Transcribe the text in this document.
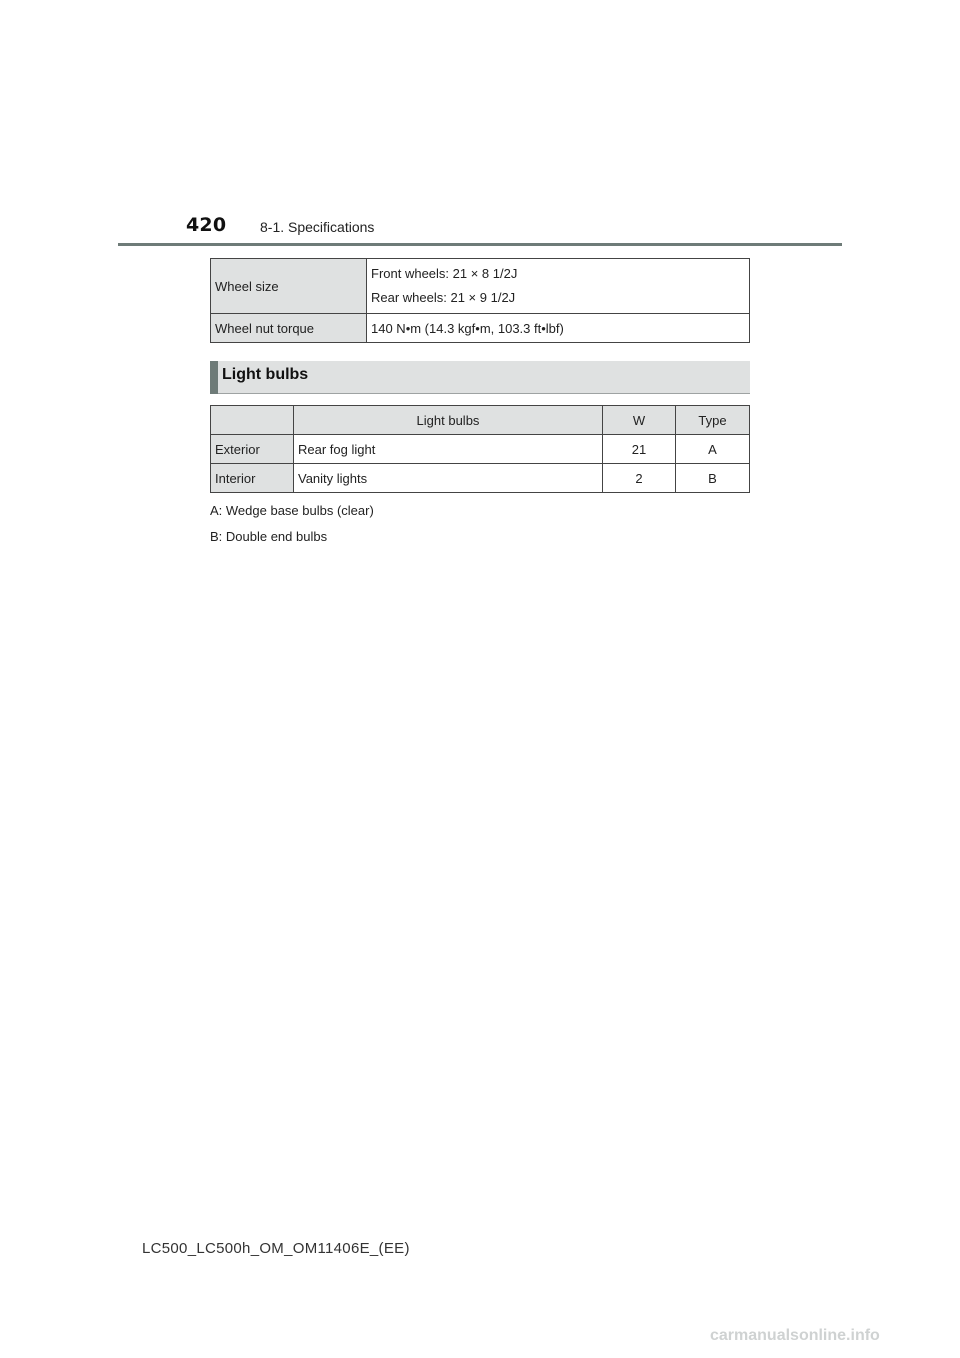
420 8-1. Specifications
Wheel size	Front wheels: 21 × 8 1/2J
Rear wheels: 21 × 9 1/2J

Wheel nut torque	140 N•m (14.3 kgf•m, 103.3 ft•lbf)
Light bulbs
	Light bulbs	W	Type
Exterior	Rear fog light	21	A
Interior	Vanity lights	2	B
A: Wedge base bulbs (clear)
B: Double end bulbs
LC500_LC500h_OM_OM11406E_(EE)
carmanualsonline.info
